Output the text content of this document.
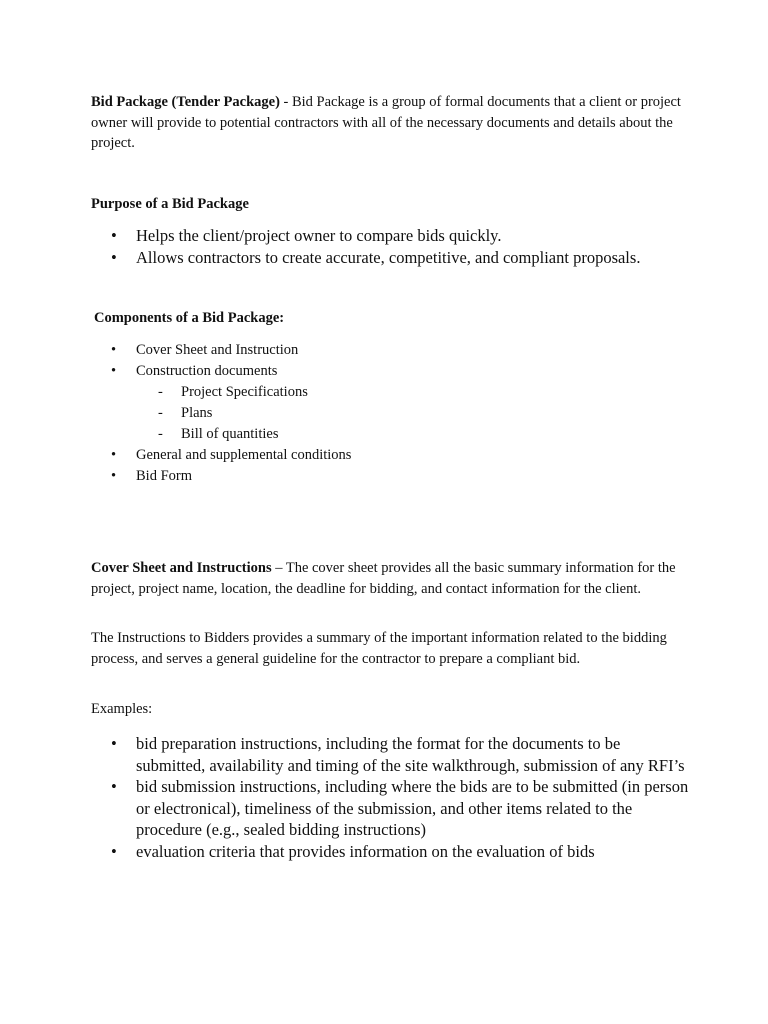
Bid Package (Tender Package) - Bid Package is a group of formal documents that a client or project owner will provide to potential contractors with all of the necessary documents and details about the project.

Purpose of a Bid Package

• Helps the client/project owner to compare bids quickly.
• Allows contractors to create accurate, competitive, and compliant proposals.

Components of a Bid Package:

• Cover Sheet and Instruction
• Construction documents
- Project Specifications
- Plans
- Bill of quantities
• General and supplemental conditions
• Bid Form

Cover Sheet and Instructions – The cover sheet provides all the basic summary information for the project, project name, location, the deadline for bidding, and contact information for the client.

The Instructions to Bidders provides a summary of the important information related to the bidding process, and serves a general guideline for the contractor to prepare a compliant bid.

Examples:

• bid preparation instructions, including the format for the documents to be submitted, availability and timing of the site walkthrough, submission of any RFI’s
• bid submission instructions, including where the bids are to be submitted (in person or electronical), timeliness of the submission, and other items related to the procedure (e.g., sealed bidding instructions)
• evaluation criteria that provides information on the evaluation of bids
